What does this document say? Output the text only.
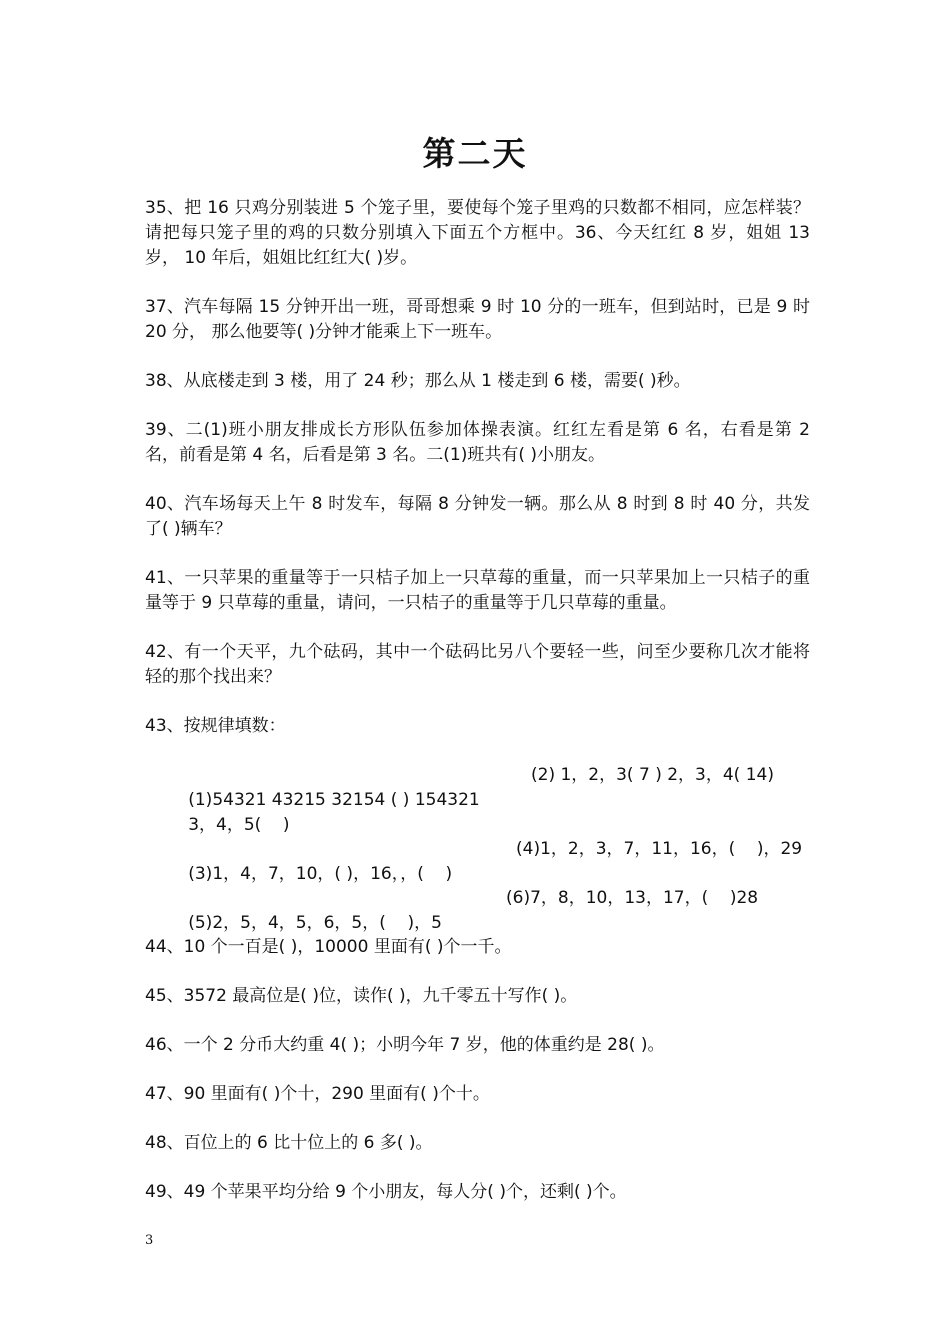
第二天

35、把 16 只鸡分别装进 5 个笼子里，要使每个笼子里鸡的只数都不相同，应怎样装？请把每只笼子里的鸡的只数分别填入下面五个方框中。36、今天红红 8 岁，姐姐 13 岁， 10 年后，姐姐比红红大( )岁。

37、汽车每隔 15 分钟开出一班，哥哥想乘 9 时 10 分的一班车，但到站时，已是 9 时 20 分， 那么他要等( )分钟才能乘上下一班车。

38、从底楼走到 3 楼，用了 24 秒；那么从 1 楼走到 6 楼，需要( )秒。

39、二(1)班小朋友排成长方形队伍参加体操表演。红红左看是第 6 名，右看是第 2 名，前看是第 4 名，后看是第 3 名。二(1)班共有( )小朋友。

40、汽车场每天上午 8 时发车，每隔 8 分钟发一辆。那么从 8 时到 8 时 40 分，共发了( )辆车？

41、一只苹果的重量等于一只桔子加上一只草莓的重量，而一只苹果加上一只桔子的重量等于 9 只草莓的重量，请问，一只桔子的重量等于几只草莓的重量。

42、有一个天平，九个砝码，其中一个砝码比另八个要轻一些，问至少要称几次才能将轻的那个找出来？

43、按规律填数：

(1)54321 43215 32154 ( ) 154321

(2) 1，2，3( 7 ) 2，3，4( 14)

3，4，5(    )

(3)1，4，7，10，( )，16，，(    )

(4)1，2，3，7，11，16，(    )，29

(5)2，5，4，5，6，5，(    )，5

(6)7，8，10，13，17，(    )28

44、10 个一百是( )，10000 里面有( )个一千。

45、3572 最高位是( )位，读作( )，九千零五十写作( )。

46、一个 2 分币大约重 4( )；小明今年 7 岁，他的体重约是 28( )。

47、90 里面有( )个十，290 里面有( )个十。

48、百位上的 6 比十位上的 6 多( )。

49、49 个苹果平均分给 9 个小朋友，每人分( )个，还剩( )个。

3
